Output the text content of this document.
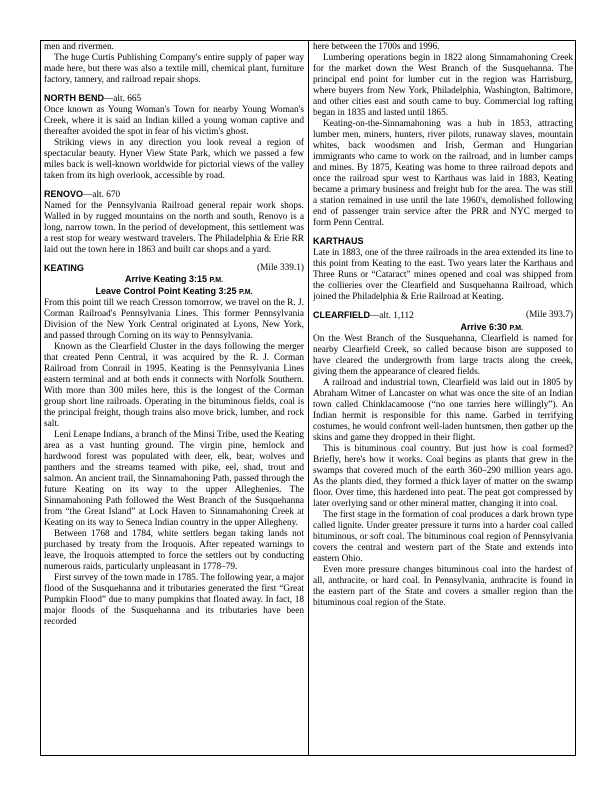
men and rivermen.

The huge Curtis Publishing Company's entire supply of paper way made here, but there was also a textile mill, chemical plant, furniture factory, tannery, and railroad repair shops.

NORTH BEND—alt. 665

Once known as Young Woman's Town for nearby Young Woman's Creek, where it is said an Indian killed a young woman captive and thereafter avoided the spot in fear of his victim's ghost.

Striking views in any direction you look reveal a region of spectacular beauty. Hyner View State Park, which we passed a few miles back is well-known worldwide for pictorial views of the valley taken from its high overlook, accessible by road.

RENOVO—alt. 670

Named for the Pennsylvania Railroad general repair work shops. Walled in by rugged mountains on the north and south, Renovo is a long, narrow town. In the period of development, this settlement was a rest stop for weary westward travelers. The Philadelphia & Erie RR laid out the town here in 1863 and built car shops and a yard.

KEATING	(Mile 339.1)
Arrive Keating 3:15 P.M.
Leave Control Point Keating 3:25 P.M.

From this point till we reach Cresson tomorrow, we travel on the R. J. Corman Railroad's Pennsylvania Lines. This former Pennsylvania Division of the New York Central originated at Lyons, New York, and passed through Corning on its way to Pennsylvania.

Known as the Clearfield Cluster in the days following the merger that created Penn Central, it was acquired by the R. J. Corman Railroad from Conrail in 1995. Keating is the Pennsylvania Lines eastern terminal and at both ends it connects with Norfolk Southern. With more than 300 miles here, this is the longest of the Corman group short line railroads. Operating in the bituminous fields, coal is the principal freight, though trains also move brick, lumber, and rock salt.

Leni Lenape Indians, a branch of the Minsi Tribe, used the Keating area as a vast hunting ground. The virgin pine, hemlock and hardwood forest was populated with deer, elk, bear, wolves and panthers and the streams teamed with pike, eel, shad, trout and salmon. An ancient trail, the Sinnamahoning Path, passed through the future Keating on its way to the upper Alleghenies. The Sinnamahoning Path followed the West Branch of the Susquehanna from “the Great Island” at Lock Haven to Sinnamahoning Creek at Keating on its way to Seneca Indian country in the upper Allegheny.

Between 1768 and 1784, white settlers began taking lands not purchased by treaty from the Iroquois. After repeated warnings to leave, the Iroquois attempted to force the settlers out by conducting numerous raids, particularly unpleasant in 1778–79.

First survey of the town made in 1785. The following year, a major flood of the Susquehanna and it tributaries generated the first “Great Pumpkin Flood” due to many pumpkins that floated away. In fact, 18 major floods of the Susquehanna and its tributaries have been recorded

here between the 1700s and 1996.

Lumbering operations begin in 1822 along Sinnamahoning Creek for the market down the West Branch of the Susquehanna. The principal end point for lumber cut in the region was Harrisburg, where buyers from New York, Philadelphia, Washington, Baltimore, and other cities east and south came to buy. Commercial log rafting began in 1835 and lasted until 1865.

Keating-on-the-Sinnamahoning was a hub in 1853, attracting lumber men, miners, hunters, river pilots, runaway slaves, mountain whites, back woodsmen and Irish, German and Hungarian immigrants who came to work on the railroad, and in lumber camps and mines. By 1875, Keating was home to three railroad depots and once the railroad spur west to Karthaus was laid in 1883, Keating became a primary business and freight hub for the area. The was still a station remained in use until the late 1960's, demolished following end of passenger train service after the PRR and NYC merged to form Penn Central.

KARTHAUS

Late in 1883, one of the three railroads in the area extended its line to this point from Keating to the east. Two years later the Karthaus and Three Runs or “Cataract” mines opened and coal was shipped from the collieries over the Clearfield and Susquehanna Railroad, which joined the Philadelphia & Erie Railroad at Keating.

CLEARFIELD—alt. 1,112	(Mile 393.7)
Arrive 6:30 P.M.

On the West Branch of the Susquehanna, Clearfield is named for nearby Clearfield Creek, so called because bison are supposed to have cleared the undergrowth from large tracts along the creek, giving them the appearance of cleared fields.

A railroad and industrial town, Clearfield was laid out in 1805 by Abraham Witner of Lancaster on what was once the site of an Indian town called Chinklacamoose (“no one tarries here willingly”). An Indian hermit is responsible for this name. Garbed in terrifying costumes, he would confront well-laden huntsmen, then gather up the skins and game they dropped in their flight.

This is bituminous coal country. But just how is coal formed? Briefly, here's how it works. Coal begins as plants that grew in the swamps that covered much of the earth 360–290 million years ago. As the plants died, they formed a thick layer of matter on the swamp floor. Over time, this hardened into peat. The peat got compressed by later overlying sand or other mineral matter, changing it into coal.

The first stage in the formation of coal produces a dark brown type called lignite. Under greater pressure it turns into a harder coal called bituminous, or soft coal. The bituminous coal region of Pennsylvania covers the central and western part of the State and extends into eastern Ohio.

Even more pressure changes bituminous coal into the hardest of all, anthracite, or hard coal. In Pennsylvania, anthracite is found in the eastern part of the State and covers a smaller region than the bituminous coal region of the State.
